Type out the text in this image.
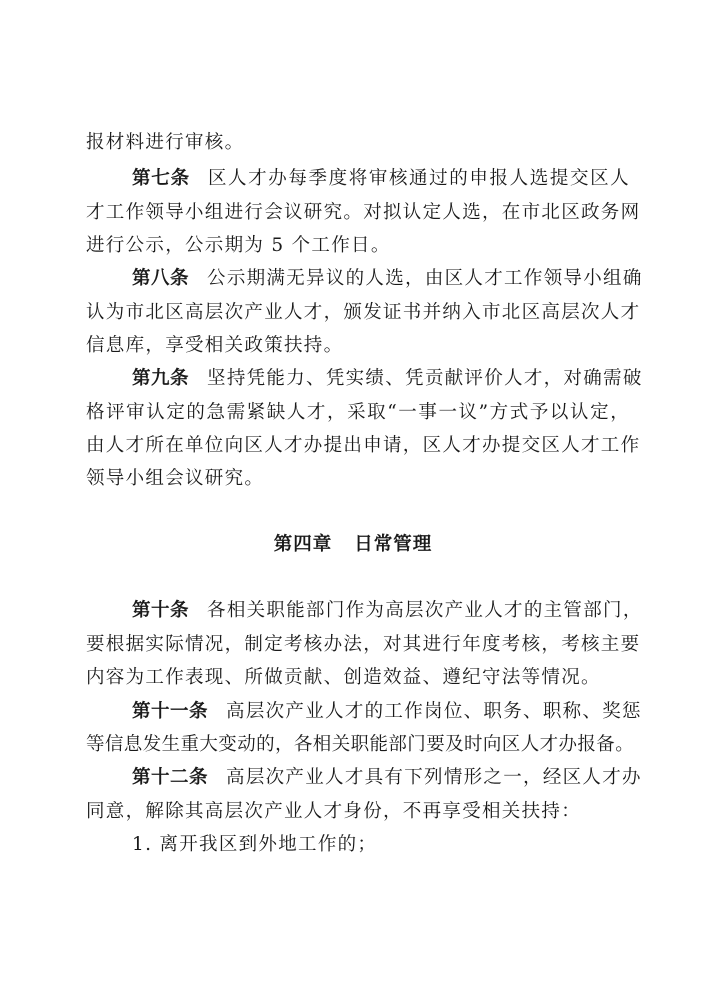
报材料进行审核。
第七条 区人才办每季度将审核通过的申报人选提交区人
才工作领导小组进行会议研究。对拟认定人选，在市北区政务网
进行公示，公示期为 5 个工作日。
第八条 公示期满无异议的人选，由区人才工作领导小组确
认为市北区高层次产业人才，颁发证书并纳入市北区高层次人才
信息库，享受相关政策扶持。
第九条 坚持凭能力、凭实绩、凭贡献评价人才，对确需破
格评审认定的急需紧缺人才，采取“一事一议”方式予以认定，
由人才所在单位向区人才办提出申请，区人才办提交区人才工作
领导小组会议研究。
第四章 日常管理
第十条 各相关职能部门作为高层次产业人才的主管部门，
要根据实际情况，制定考核办法，对其进行年度考核，考核主要
内容为工作表现、所做贡献、创造效益、遵纪守法等情况。
第十一条 高层次产业人才的工作岗位、职务、职称、奖惩
等信息发生重大变动的，各相关职能部门要及时向区人才办报备。
第十二条 高层次产业人才具有下列情形之一，经区人才办
同意，解除其高层次产业人才身份，不再享受相关扶持：
1. 离开我区到外地工作的；
